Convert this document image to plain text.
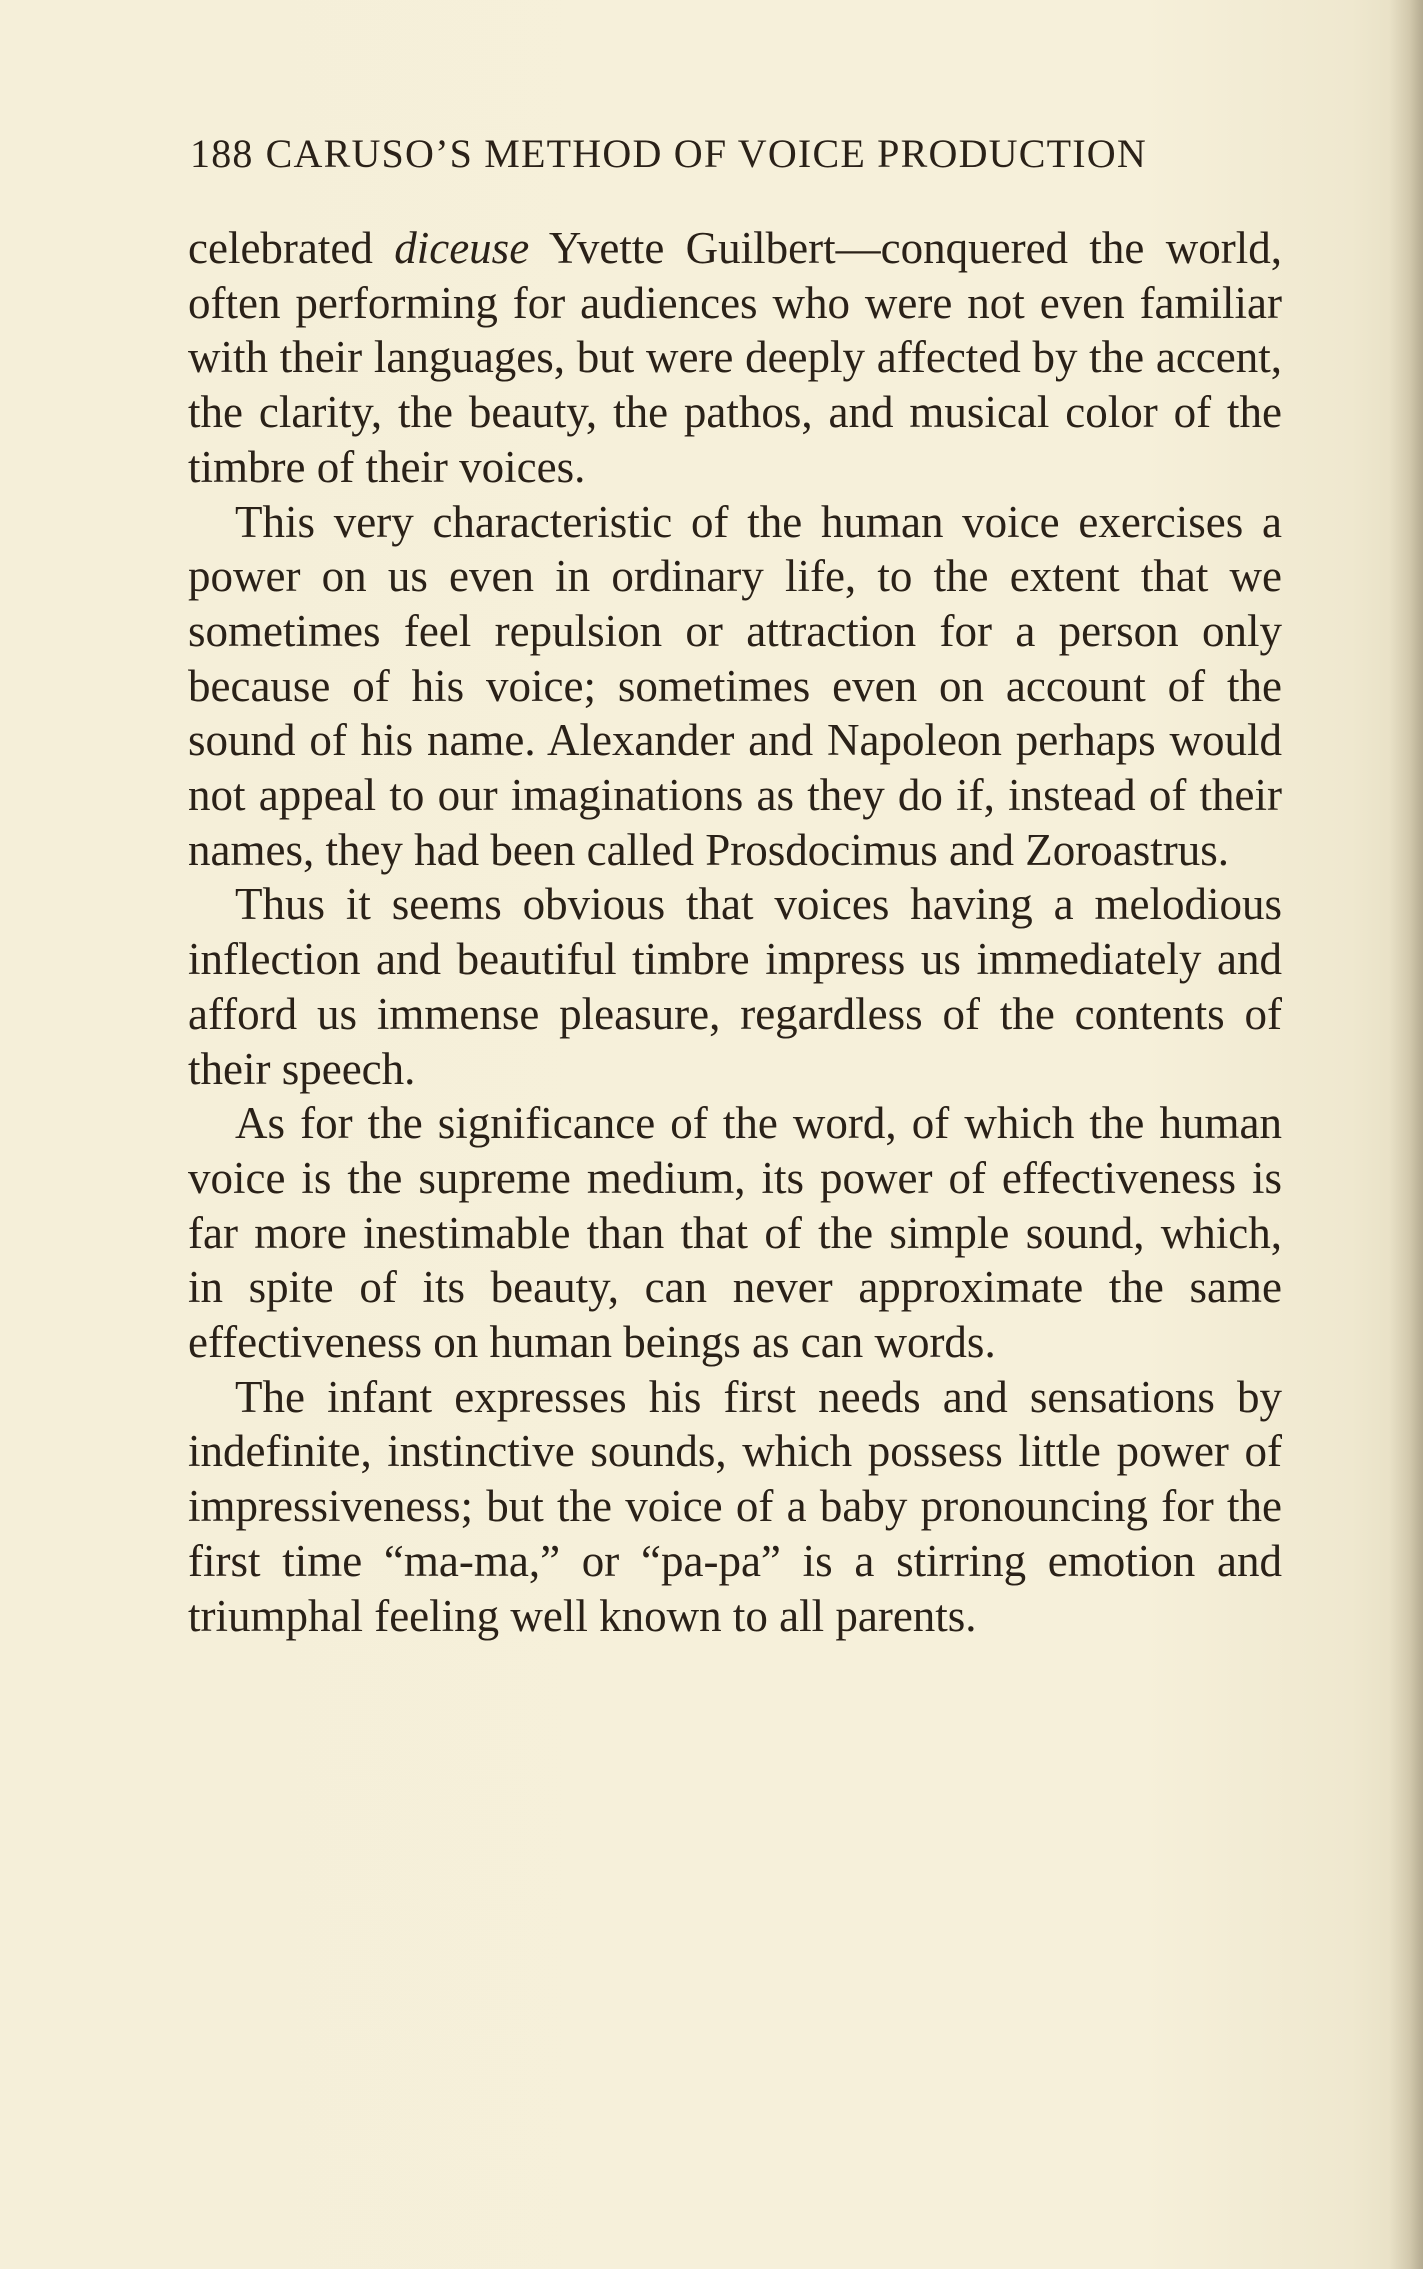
188 CARUSO’S METHOD OF VOICE PRODUCTION

celebrated diceuse Yvette Guilbert—conquered the world, often performing for audiences who were not even familiar with their languages, but were deeply affected by the accent, the clarity, the beauty, the pathos, and musical color of the timbre of their voices.

This very characteristic of the human voice exercises a power on us even in ordinary life, to the extent that we sometimes feel repulsion or attraction for a person only because of his voice; sometimes even on account of the sound of his name. Alexander and Napoleon perhaps would not appeal to our imaginations as they do if, instead of their names, they had been called Prosdocimus and Zoroastrus.

Thus it seems obvious that voices having a melodious inflection and beautiful timbre impress us immediately and afford us immense pleasure, regardless of the contents of their speech.

As for the significance of the word, of which the human voice is the supreme medium, its power of effectiveness is far more inestimable than that of the simple sound, which, in spite of its beauty, can never approximate the same effectiveness on human beings as can words.

The infant expresses his first needs and sensations by indefinite, instinctive sounds, which possess little power of impressiveness; but the voice of a baby pronouncing for the first time “ma-ma,” or “pa-pa” is a stirring emotion and triumphal feeling well known to all parents.
